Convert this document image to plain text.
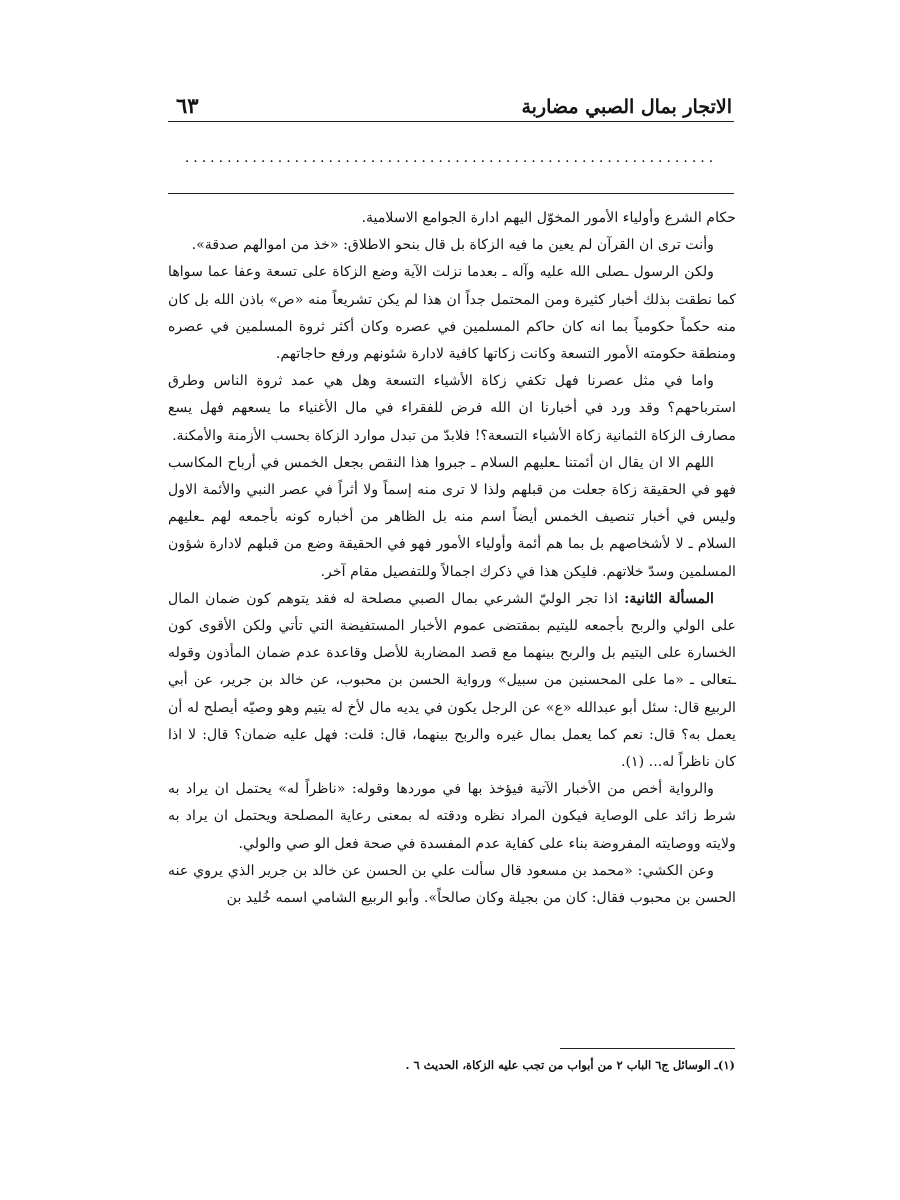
الاتجار بمال الصبي مضاربة
٦٣
...............................................................

حكام الشرع وأولياء الأمور المخوّل اليهم ادارة الجوامع الاسلامية.

وأنت ترى ان القرآن لم يعين ما فيه الزكاة بل قال بنحو الاطلاق: «خذ من اموالهم صدقة».

ولكن الرسول ـصلى الله عليه وآله ـ بعدما نزلت الآية وضع الزكاة على تسعة وعفا عما سواها كما نطقت بذلك أخبار كثيرة ومن المحتمل جداً ان هذا لم يكن تشريعاً منه «ص» باذن الله بل كان منه حكماً حكومياً بما انه كان حاكم المسلمين في عصره وكان أكثر ثروة المسلمين في عصره ومنطقة حكومته الأمور التسعة وكانت زكاتها كافية لادارة شئونهم ورفع حاجاتهم.

واما في مثل عصرنا فهل تكفي زكاة الأشياء التسعة وهل هي عمد ثروة الناس وطرق استرباحهم؟ وقد ورد في أخبارنا ان الله فرض للفقراء في مال الأغنياء ما يسعهم فهل يسع مصارف الزكاة الثمانية زكاة الأشياء التسعة؟! فلابدّ من تبدل موارد الزكاة بحسب الأزمنة والأمكنة.

اللهم الا ان يقال ان أئمتنا ـعليهم السلام ـ جبروا هذا النقص بجعل الخمس في أرباح المكاسب فهو في الحقيقة زكاة جعلت من قبلهم ولذا لا ترى منه إسماً ولا أثراً في عصر النبي والأئمة الاول وليس في أخبار تنصيف الخمس أيضاً اسم منه بل الظاهر من أخباره كونه بأجمعه لهم ـعليهم السلام ـ لا لأشخاصهم بل بما هم أئمة وأولياء الأمور فهو في الحقيقة وضع من قبلهم لادارة شؤون المسلمين وسدّ خلاتهم. فليكن هذا في ذكرك اجمالاً وللتفصيل مقام آخر.

المسألة الثانية: اذا تجر الوليّ الشرعي بمال الصبي مصلحة له فقد يتوهم كون ضمان المال على الولي والربح بأجمعه لليتيم بمقتضى عموم الأخبار المستفيضة التي تأتي ولكن الأقوى كون الخسارة على اليتيم بل والربح بينهما مع قصد المضاربة للأصل وقاعدة عدم ضمان المأذون وقوله ـتعالى ـ «ما على المحسنين من سبيل» ورواية الحسن بن محبوب، عن خالد بن جرير، عن أبي الربيع قال: سئل أبو عبدالله «ع» عن الرجل يكون في يديه مال لأخ له يتيم وهو وصيّه أيصلح له أن يعمل به؟ قال: نعم كما يعمل بمال غيره والربح بينهما، قال: قلت: فهل عليه ضمان؟ قال: لا اذا كان ناظراً له... (١).

والرواية أخص من الأخبار الآتية فيؤخذ بها في موردها وقوله: «ناظراً له» يحتمل ان يراد به شرط زائد على الوصاية فيكون المراد نظره ودقته له بمعنى رعاية المصلحة ويحتمل ان يراد به ولايته ووصايته المفروضة بناء على كفاية عدم المفسدة في صحة فعل الو صي والولي.

وعن الكشي: «محمد بن مسعود قال سألت علي بن الحسن عن خالد بن جرير الذي يروي عنه الحسن بن محبوب فقال: كان من بجيلة وكان صالحاً». وأبو الربيع الشامي اسمه خُليد بن

(١)ـ الوسائل ج٦ الباب ٢ من أبواب من تجب عليه الزكاة، الحديث ٦ .
